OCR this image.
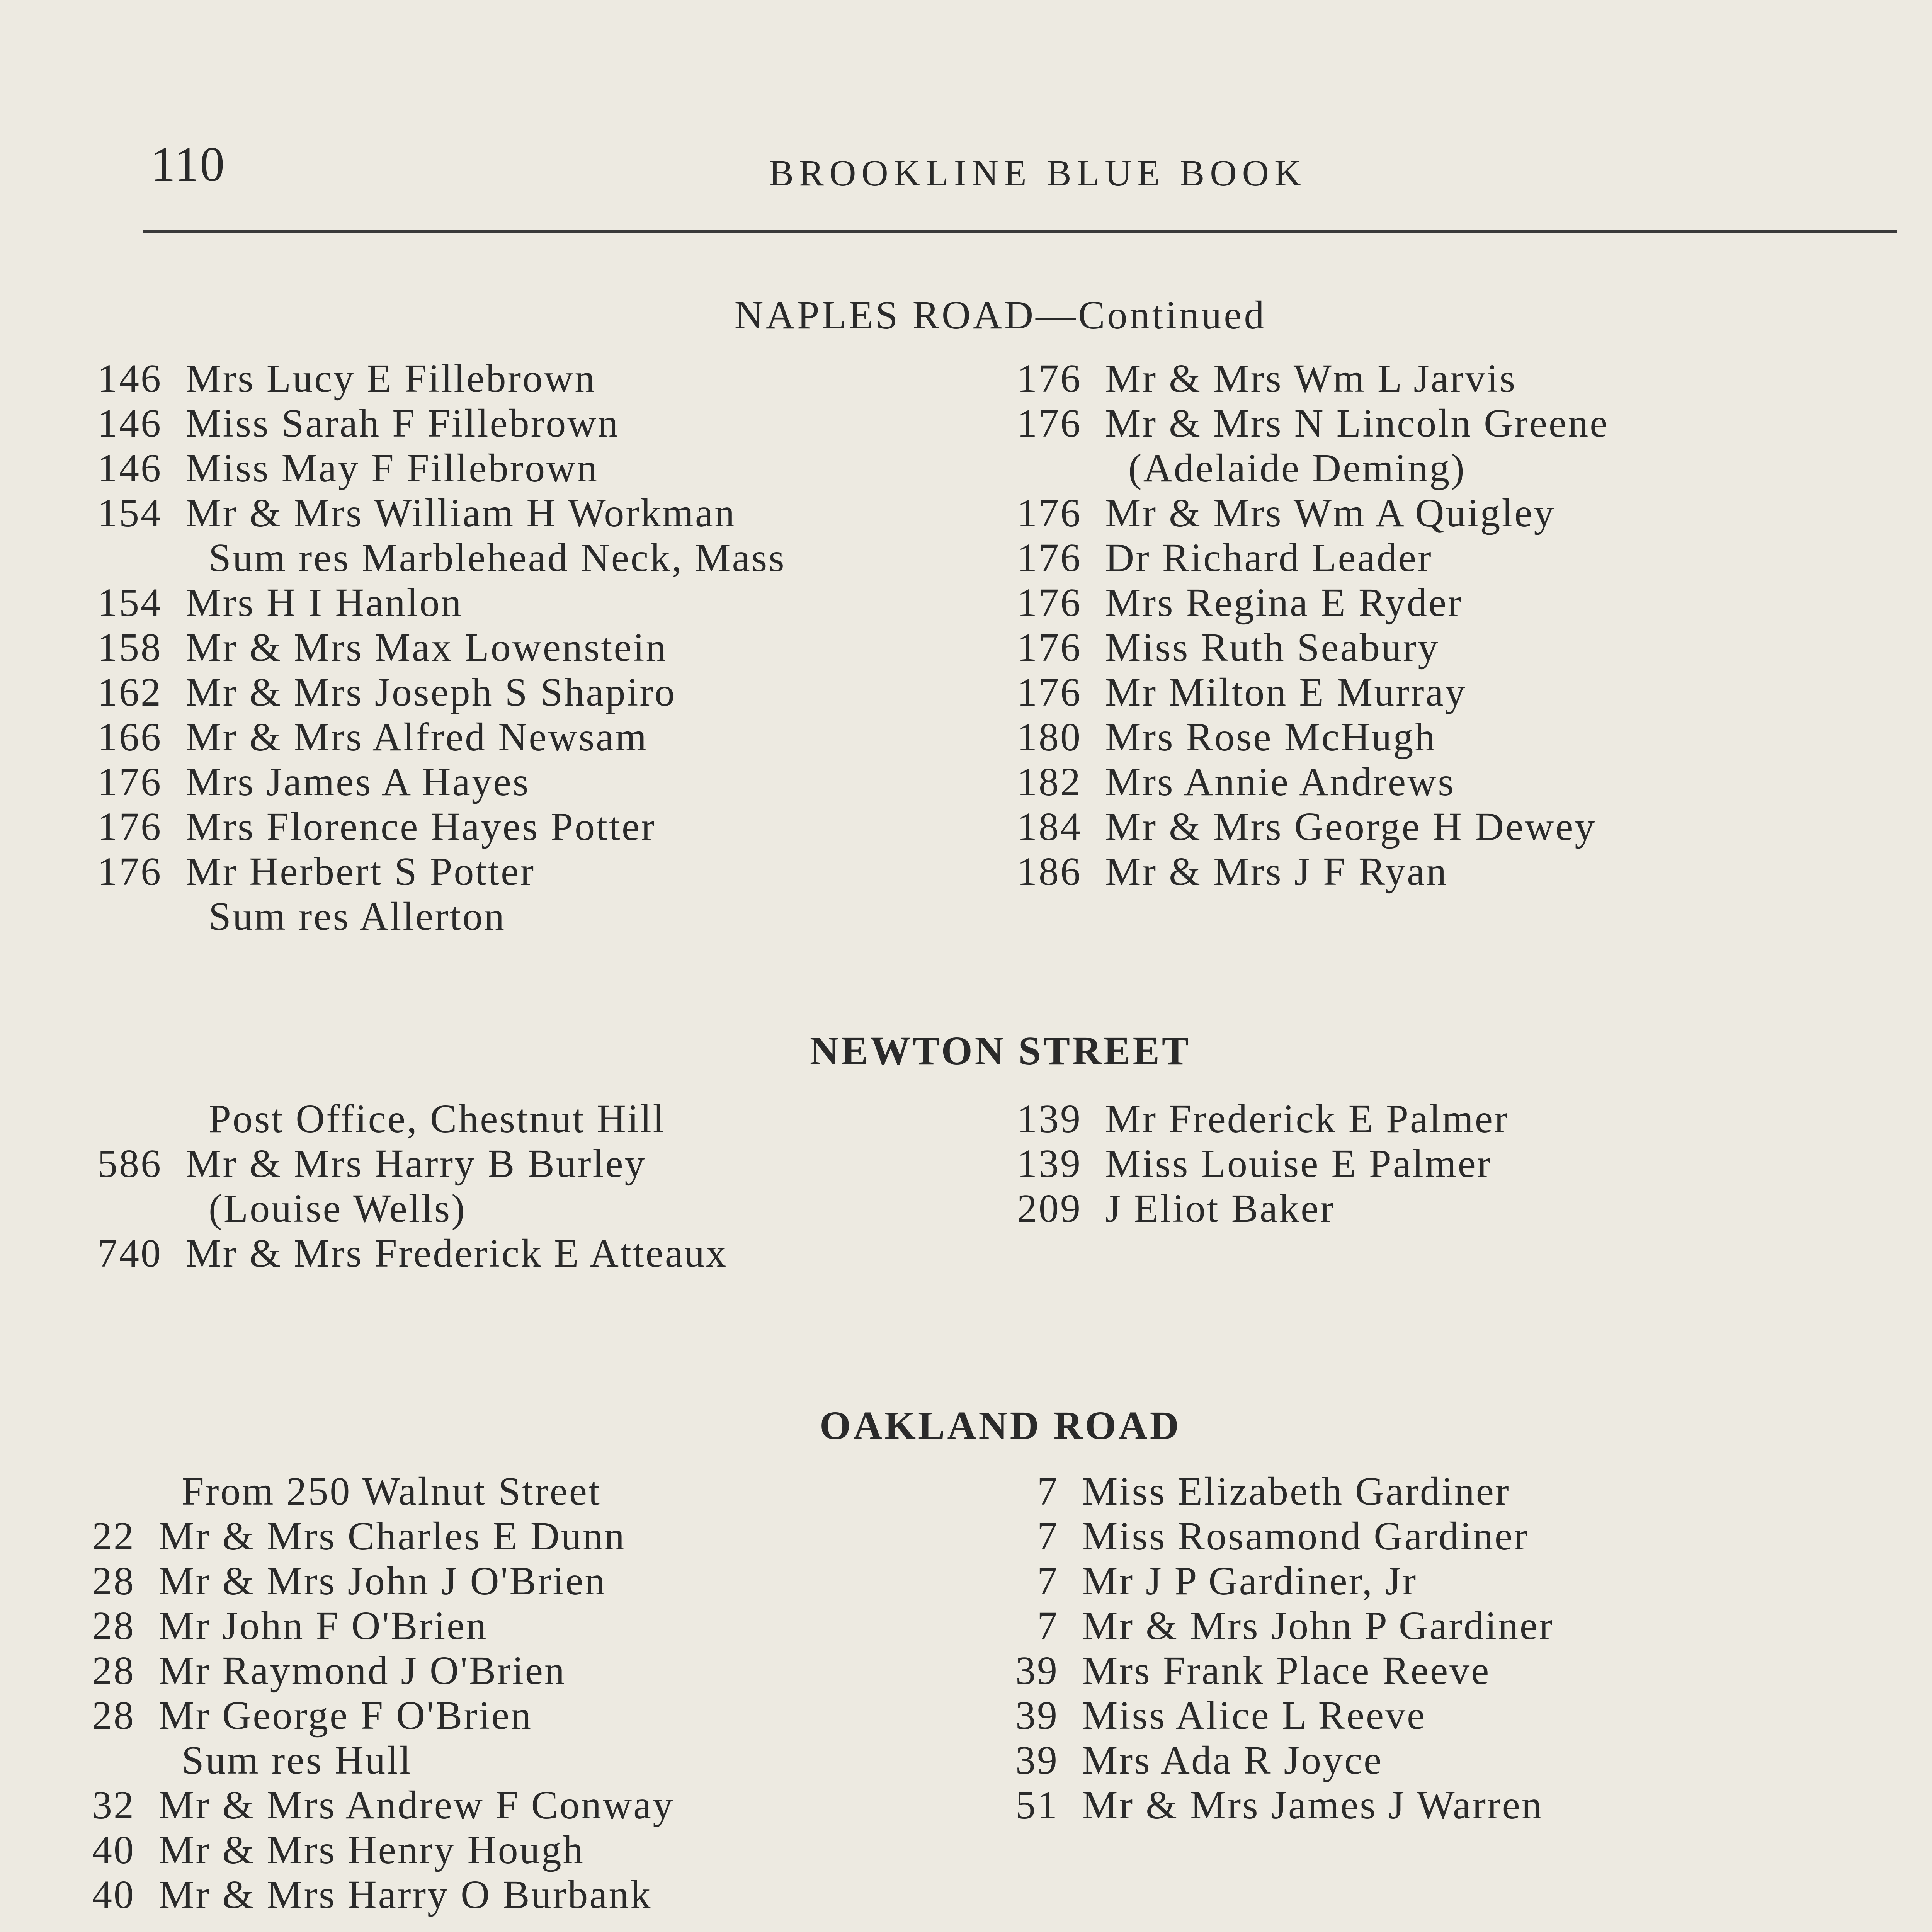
110	BROOKLINE BLUE BOOK
NAPLES ROAD—Continued
146 Mrs Lucy E Fillebrown
146 Miss Sarah F Fillebrown
146 Miss May F Fillebrown
154 Mr & Mrs William H Workman
Sum res Marblehead Neck, Mass
154 Mrs H I Hanlon
158 Mr & Mrs Max Lowenstein
162 Mr & Mrs Joseph S Shapiro
166 Mr & Mrs Alfred Newsam
176 Mrs James A Hayes
176 Mrs Florence Hayes Potter
176 Mr Herbert S Potter
Sum res Allerton
176 Mr & Mrs Wm L Jarvis
176 Mr & Mrs N Lincoln Greene
(Adelaide Deming)
176 Mr & Mrs Wm A Quigley
176 Dr Richard Leader
176 Mrs Regina E Ryder
176 Miss Ruth Seabury
176 Mr Milton E Murray
180 Mrs Rose McHugh
182 Mrs Annie Andrews
184 Mr & Mrs George H Dewey
186 Mr & Mrs J F Ryan
NEWTON STREET
Post Office, Chestnut Hill
586 Mr & Mrs Harry B Burley
(Louise Wells)
740 Mr & Mrs Frederick E Atteaux
139 Mr Frederick E Palmer
139 Miss Louise E Palmer
209 J Eliot Baker
OAKLAND ROAD
From 250 Walnut Street
22 Mr & Mrs Charles E Dunn
28 Mr & Mrs John J O'Brien
28 Mr John F O'Brien
28 Mr Raymond J O'Brien
28 Mr George F O'Brien
Sum res Hull
32 Mr & Mrs Andrew F Conway
40 Mr & Mrs Henry Hough
40 Mr & Mrs Harry O Burbank
7 Miss Elizabeth Gardiner
7 Miss Rosamond Gardiner
7 Mr J P Gardiner, Jr
7 Mr & Mrs John P Gardiner
39 Mrs Frank Place Reeve
39 Miss Alice L Reeve
39 Mrs Ada R Joyce
51 Mr & Mrs James J Warren
